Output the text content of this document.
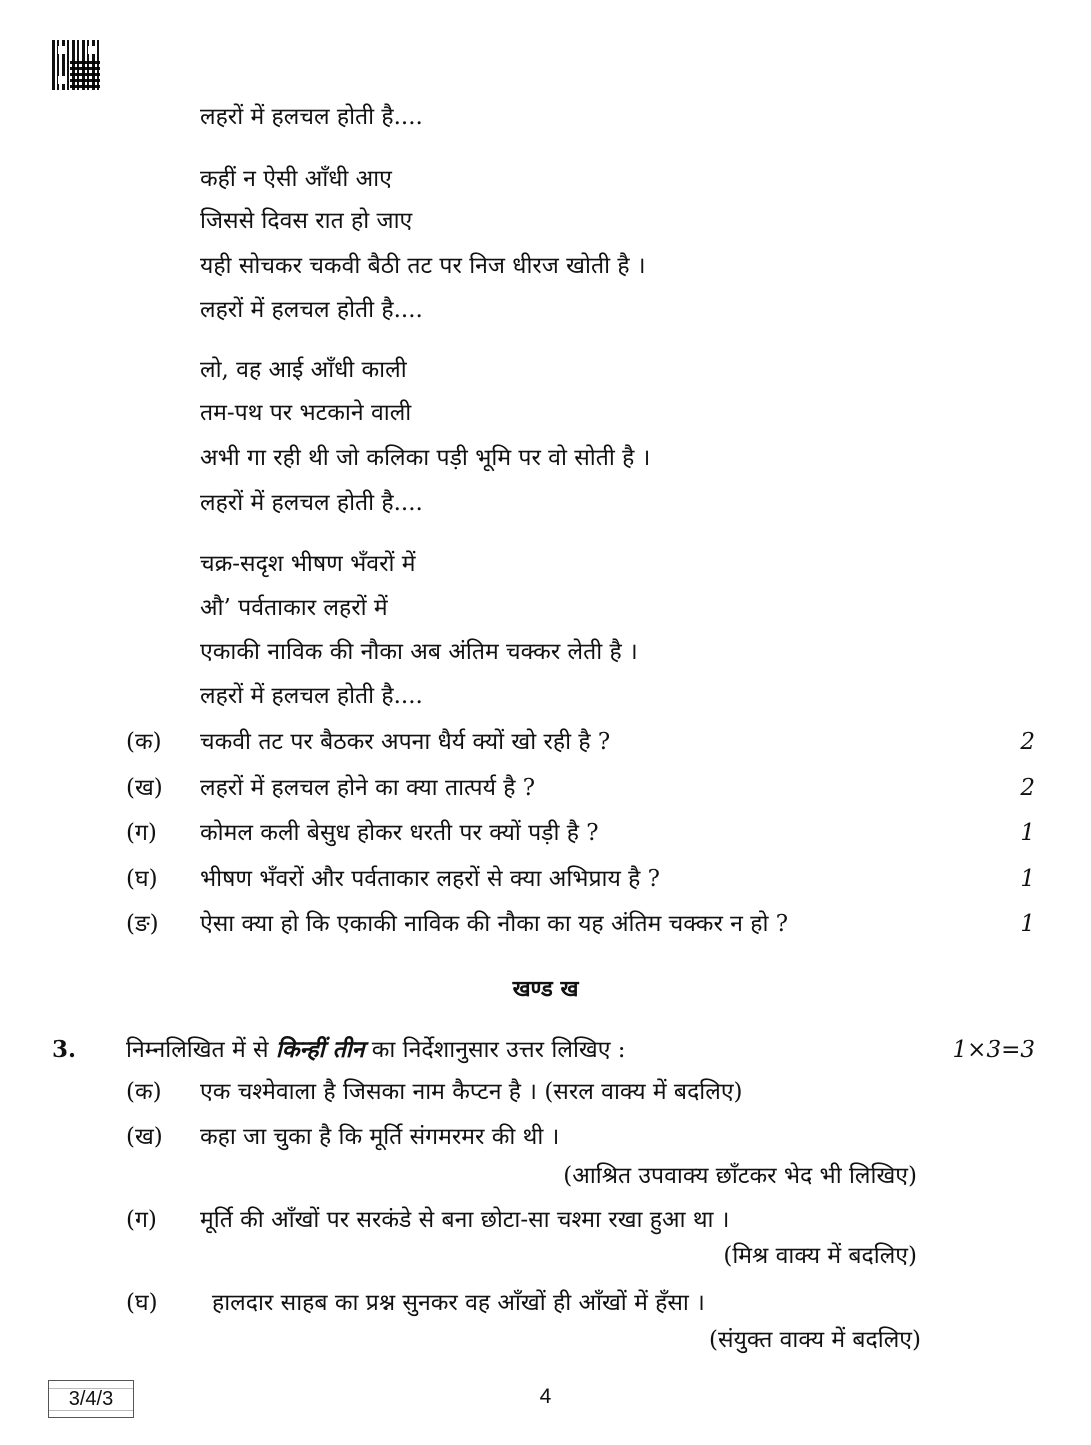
लहरों में हलचल होती है....
कहीं न ऐसी आँधी आए
जिससे दिवस रात हो जाए
यही सोचकर चकवी बैठी तट पर निज धीरज खोती है ।
लहरों में हलचल होती है....
लो, वह आई आँधी काली
तम-पथ पर भटकाने वाली
अभी गा रही थी जो कलिका पड़ी भूमि पर वो सोती है ।
लहरों में हलचल होती है....
चक्र-सदृश भीषण भँवरों में
औ’ पर्वताकार लहरों में
एकाकी नाविक की नौका अब अंतिम चक्कर लेती है ।
लहरों में हलचल होती है....
(क) चकवी तट पर बैठकर अपना धैर्य क्यों खो रही है ?	2
(ख) लहरों में हलचल होने का क्या तात्पर्य है ?	2
(ग) कोमल कली बेसुध होकर धरती पर क्यों पड़ी है ?	1
(घ) भीषण भँवरों और पर्वताकार लहरों से क्या अभिप्राय है ?	1
(ङ) ऐसा क्या हो कि एकाकी नाविक की नौका का यह अंतिम चक्कर न हो ?	1
खण्ड ख
3. निम्नलिखित में से किन्हीं तीन का निर्देशानुसार उत्तर लिखिए :	1×3=3
(क) एक चश्मेवाला है जिसका नाम कैप्टन है । (सरल वाक्य में बदलिए)
(ख) कहा जा चुका है कि मूर्ति संगमरमर की थी ।
(आश्रित उपवाक्य छाँटकर भेद भी लिखिए)
(ग) मूर्ति की आँखों पर सरकंडे से बना छोटा-सा चश्मा रखा हुआ था ।
(मिश्र वाक्य में बदलिए)
(घ) हालदार साहब का प्रश्न सुनकर वह आँखों ही आँखों में हँसा ।
(संयुक्त वाक्य में बदलिए)
3/4/3	4
